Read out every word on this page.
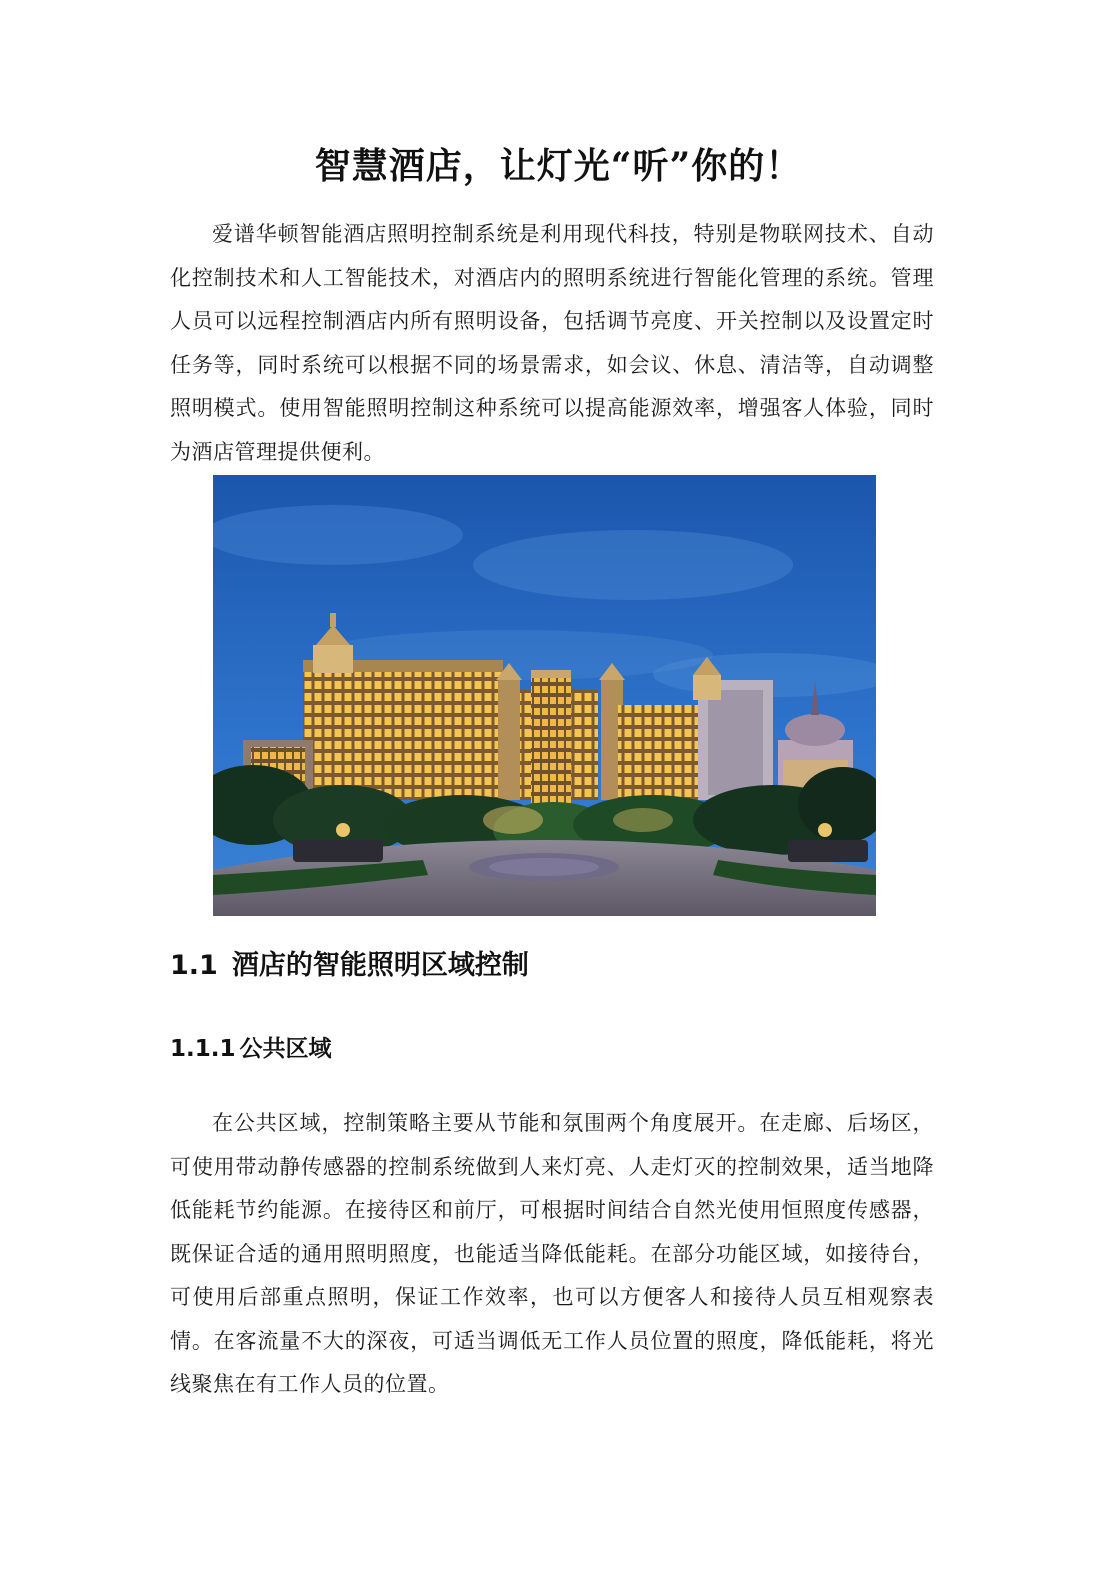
智慧酒店，让灯光“听”你的！
爱谱华顿智能酒店照明控制系统是利用现代科技，特别是物联网技术、自动化控制技术和人工智能技术，对酒店内的照明系统进行智能化管理的系统。管理人员可以远程控制酒店内所有照明设备，包括调节亮度、开关控制以及设置定时任务等，同时系统可以根据不同的场景需求，如会议、休息、清洁等，自动调整照明模式。使用智能照明控制这种系统可以提高能源效率，增强客人体验，同时为酒店管理提供便利。
1.1 酒店的智能照明区域控制
1.1.1 公共区域
在公共区域，控制策略主要从节能和氛围两个角度展开。在走廊、后场区，可使用带动静传感器的控制系统做到人来灯亮、人走灯灭的控制效果，适当地降低能耗节约能源。在接待区和前厅，可根据时间结合自然光使用恒照度传感器，既保证合适的通用照明照度，也能适当降低能耗。在部分功能区域，如接待台，可使用后部重点照明，保证工作效率，也可以方便客人和接待人员互相观察表情。在客流量不大的深夜，可适当调低无工作人员位置的照度，降低能耗，将光线聚焦在有工作人员的位置。
